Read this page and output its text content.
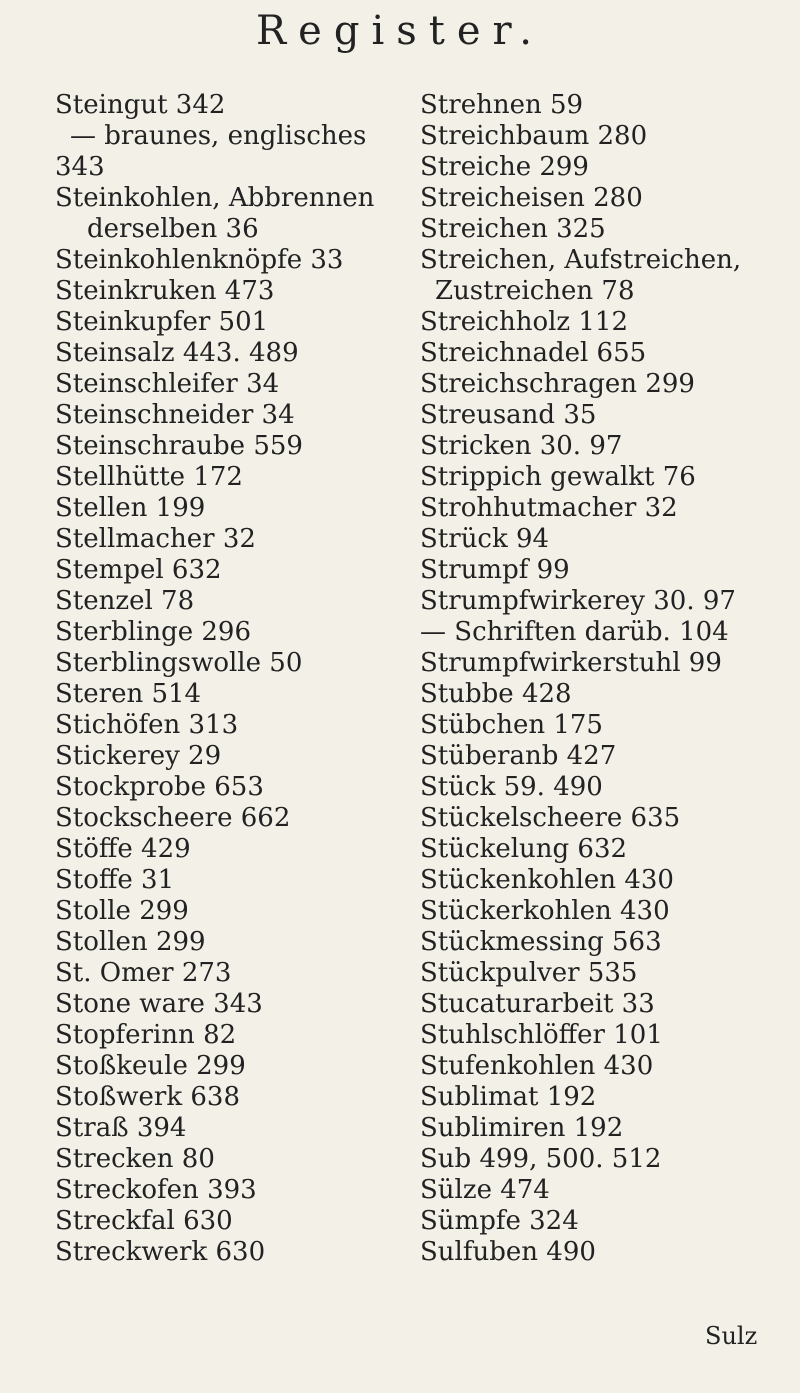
Register.
Steingut 342
— braunes, englisches
343
Steinkohlen, Abbrennen
derselben 36
Steinkohlenknöpfe 33
Steinkruken 473
Steinkupfer 501
Steinsalz 443. 489
Steinschleifer 34
Steinschneider 34
Steinschraube 559
Stellhütte 172
Stellen 199
Stellmacher 32
Stempel 632
Stenzel 78
Sterblinge 296
Sterblingswolle 50
Steren 514
Stichöfen 313
Stickerey 29
Stockprobe 653
Stockscheere 662
Stöffe 429
Stoffe 31
Stolle 299
Stollen 299
St. Omer 273
Stone ware 343
Stopferinn 82
Stoßkeule 299
Stoßwerk 638
Straß 394
Strecken 80
Streckofen 393
Streckfal 630
Streckwerk 630
Strehnen 59
Streichbaum 280
Streiche 299
Streicheisen 280
Streichen 325
Streichen, Aufstreichen,
Zustreichen 78
Streichholz 112
Streichnadel 655
Streichschragen 299
Streusand 35
Stricken 30. 97
Strippich gewalkt 76
Strohhutmacher 32
Strück 94
Strumpf 99
Strumpfwirkerey 30. 97
— Schriften darüb. 104
Strumpfwirkerstuhl 99
Stubbe 428
Stübchen 175
Stüberanb 427
Stück 59. 490
Stückelscheere 635
Stückelung 632
Stückenkohlen 430
Stückerkohlen 430
Stückmessing 563
Stückpulver 535
Stucaturarbeit 33
Stuhlschlöffer 101
Stufenkohlen 430
Sublimat 192
Sublimiren 192
Sub 499, 500. 512
Sülze 474
Sümpfe 324
Sulfuben 490
Sulz
